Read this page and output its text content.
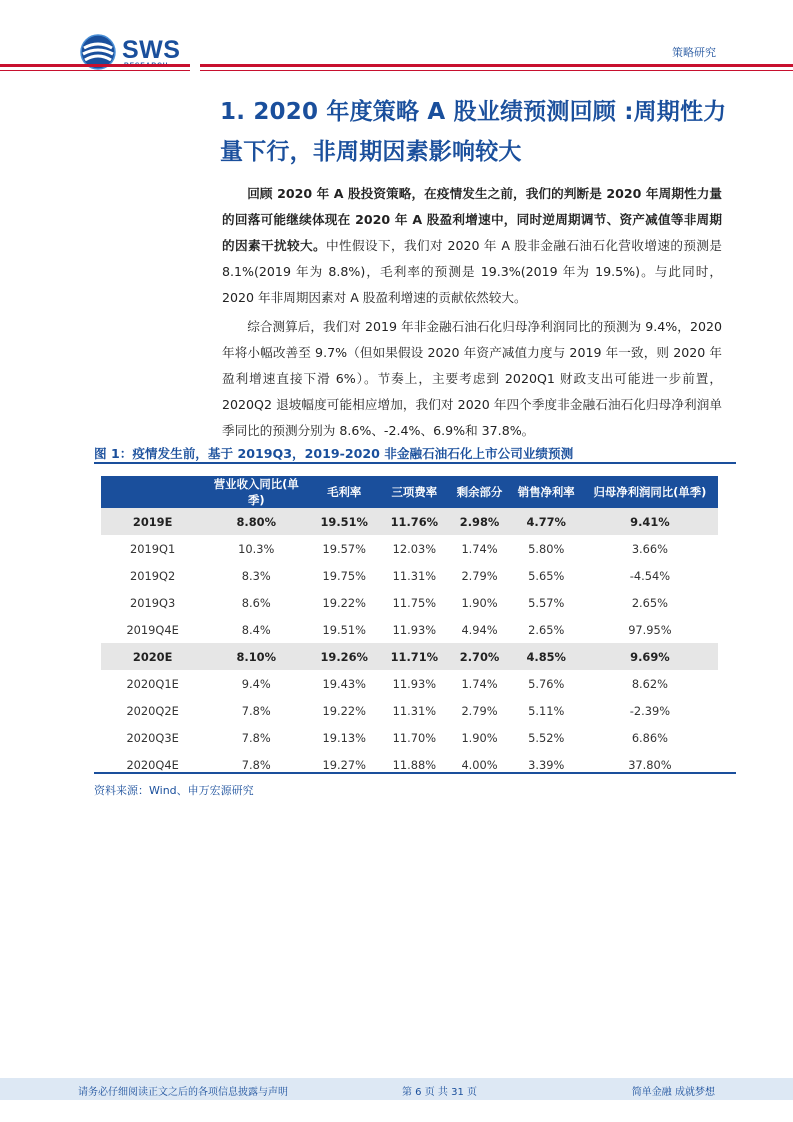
SWS	策略研究
1. 2020 年度策略 A 股业绩预测回顾 :周期性力量下行，非周期因素影响较大
回顾 2020 年 A 股投资策略，在疫情发生之前，我们的判断是 2020 年周期性力量的回落可能继续体现在 2020 年 A 股盈利增速中，同时逆周期调节、资产减值等非周期的因素干扰较大。中性假设下，我们对 2020 年 A 股非金融石油石化营收增速的预测是 8.1%(2019 年为 8.8%)，毛利率的预测是 19.3%(2019 年为 19.5%)。与此同时，2020 年非周期因素对 A 股盈利增速的贡献依然较大。
综合测算后，我们对 2019 年非金融石油石化归母净利润同比的预测为 9.4%，2020 年将小幅改善至 9.7%（但如果假设 2020 年资产减值力度与 2019 年一致，则 2020 年盈利增速直接下滑 6%）。节奏上，主要考虑到 2020Q1 财政支出可能进一步前置，2020Q2 退坡幅度可能相应增加，我们对 2020 年四个季度非金融石油石化归母净利润单季同比的预测分别为 8.6%、-2.4%、6.9%和 37.8%。
图 1：疫情发生前，基于 2019Q3，2019-2020 非金融石油石化上市公司业绩预测
	营业收入同比(单季)	毛利率	三项费率	剩余部分	销售净利率	归母净利润同比(单季)
2019E	8.80%	19.51%	11.76%	2.98%	4.77%	9.41%
2019Q1	10.3%	19.57%	12.03%	1.74%	5.80%	3.66%
2019Q2	8.3%	19.75%	11.31%	2.79%	5.65%	-4.54%
2019Q3	8.6%	19.22%	11.75%	1.90%	5.57%	2.65%
2019Q4E	8.4%	19.51%	11.93%	4.94%	2.65%	97.95%
2020E	8.10%	19.26%	11.71%	2.70%	4.85%	9.69%
2020Q1E	9.4%	19.43%	11.93%	1.74%	5.76%	8.62%
2020Q2E	7.8%	19.22%	11.31%	2.79%	5.11%	-2.39%
2020Q3E	7.8%	19.13%	11.70%	1.90%	5.52%	6.86%
2020Q4E	7.8%	19.27%	11.88%	4.00%	3.39%	37.80%
资料来源：Wind、申万宏源研究
请务必仔细阅读正文之后的各项信息披露与声明	第 6 页 共 31 页	简单金融 成就梦想
